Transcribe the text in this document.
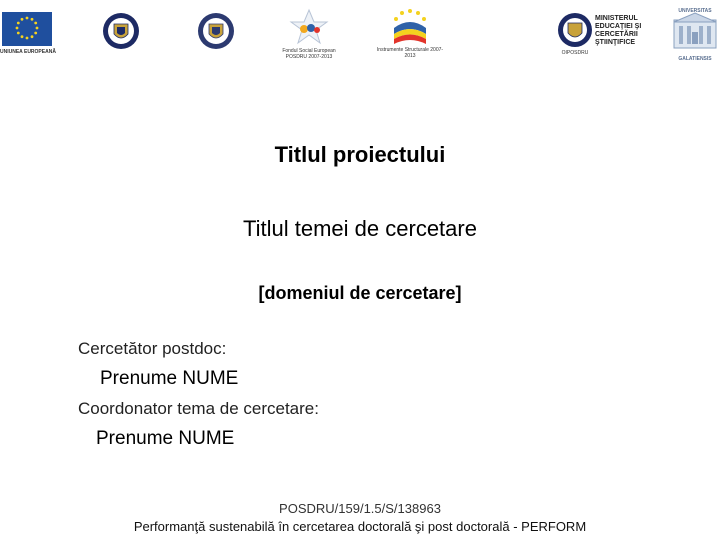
UNIUNEA EUROPEANĂ	Fondul Social European POSDRU 2007-2013
Instrumente Structurale 2007-2013	OIPOSDRU
MINISTERUL
EDUCAŢIEI ŞI
CERCETĂRII
ŞTIINŢIFICE
UNIVERSITAS
GALATIENSIS
Titlul proiectului
Titlul temei de cercetare
[domeniul de cercetare]
Cercetător postdoc:
Prenume NUME
Coordonator tema de cercetare:
Prenume NUME
POSDRU/159/1.5/S/138963
Performanţă sustenabilă în cercetarea doctorală şi post doctorală - PERFORM
